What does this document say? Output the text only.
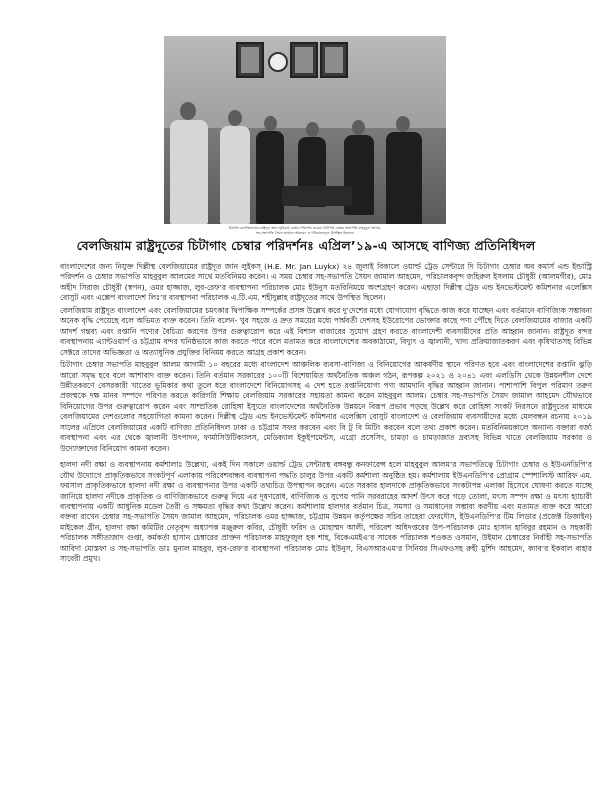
চিট্টাগং বেলজিয়ামের রাষ্ট্রদূত জান লুয়িকস্ চেম্বার পরিদর্শন করেন। চিটাগাং চেম্বার সভাপতি মাহবুবুল আলম,
সহ-সভাপতি সৈয়দ জামাল আহমেদ ও পরিচালকবৃন্দ উপস্থিত ছিলেন।
বেলজিয়াম রাষ্ট্রদূতের চিটাগাং চেম্বার পরিদর্শনঃ এপ্রিল’১৯-এ আসছে বাণিজ্য প্রতিনিধিদল

বাংলাদেশের জন্য নিযুক্ত দিল্লীস্থ বেলজিয়ামের রাষ্ট্রদূত জান লুইকস্ (H.E. Mr. Jan Luykx) ২৪ জুলাই বিকালে ওয়ার্ল্ড ট্রেড সেন্টারে দি চিটাগাং চেম্বার অব কমার্স এন্ড ইন্ডাস্ট্রি পরিদর্শন ও চেম্বার সভাপতি মাহবুবুল আলমের সাথে মতবিনিময় করেন। এ সময় চেম্বার সহ-সভাপতি সৈয়দ জামাল আহমেদ, পরিচালকবৃন্দ জহিরুল ইসলাম চৌধুরী (আলমগীর), মোঃ অহীদ সিরাজ চৌধুরী (স্বপন), ওমর হাজ্জাজ, লুব-রেফ’র ব্যবস্থাপনা পরিচালক মোঃ ইউনুস মতবিনিময়ে অংশগ্রহণ করেন। এছাড়া দিল্লীস্থ ট্রেড এন্ড ইনভেস্টমেন্ট কমিশনার এলেক্সিস বোসুট এবং এক্সেপ বাংলাদেশ লিঃ’র ব্যবস্থাপনা পরিচালক এ.টি.এম. শহীদুল্লাহ রাষ্ট্রদূতের সাথে উপস্থিত ছিলেন।

বেলজিয়াম রাষ্ট্রদূত বাংলাদেশ এবং বেলজিয়ামের চমৎকার দ্বিপাক্ষিক সম্পর্কের প্রসঙ্গ উল্লেখ করে দু’দেশের মধ্যে যোগাযোগ বৃদ্ধিতে কাজ করে যাচ্ছেন এবং বর্তমানে বাণিজ্যিক সম্ভাবনা অনেক বৃদ্ধি পেয়েছে বলে অভিমত ব্যক্ত করেন। তিনি বলেন- খুব সহজে ও দ্রুত সময়ের মধ্যে পার্শ্ববর্তী দেশসহ ইউরোপের ভোক্তার কাছে পণ্য পৌঁছে দিতে বেলজিয়ামের বাজার একটি আদর্শ গন্তব্য এবং রপ্তানি পণ্যের বৈচিত্র্য করণের উপর গুরুত্বারোপ করে এই বিশাল বাজারের সুযোগ গ্রহণ করতে বাংলাদেশী ব্যবসায়ীদের প্রতি আহ্বান জানান। রাষ্ট্রদূত বন্দর ব্যবস্থাপনায় এ্যান্টওয়ার্প ও চট্টগ্রাম বন্দর ঘনিষ্ঠভাবে কাজ করতে পারে বলে মতামত করে বাংলাদেশের অবকাঠামো, বিদ্যুৎ ও জ্বালানী, খাদ্য প্রক্রিয়াজাতকরণ এবং কৃষিখাতসহ বিভিন্ন সেক্টরে তাদের অভিজ্ঞতা ও অত্যাধুনিক প্রযুক্তির বিনিময় করতে আগ্রহ প্রকাশ করেন।

চিটাগাং চেম্বার সভাপতি মাহবুবুল আলম আগামী ১০ বছরের মধ্যে বাংলাদেশ আঞ্চলিক ব্যবসা-বাণিজ্য ও বিনিয়োগের আকর্ষণীয় স্থানে পরিণত হবে এবং বাংলাদেশের রপ্তানি ঝুড়ি আরো সমৃদ্ধ হবে বলে আশাবাদ ব্যক্ত করেন। তিনি বর্তমান সরকারের ১০০টি বিশেষায়িত অর্থনৈতিক অঞ্চল গঠন, রূপকল্প ২০২১ ও ২০৪১ এবং এলডিসি থেকে উন্নয়নশীল দেশে উন্নীতকরণে বেসরকারী খাতের ভূমিকার কথা তুলে ধরে বাংলাদেশে বিনিয়োগসহ এ দেশ হতে রপ্তানিযোগ্য পণ্য আমদানি বৃদ্ধির আহ্বান জানান। পাশাপাশি বিপুল পরিমাণ তরুণ প্রজন্মকে দক্ষ মানব সম্পদে পরিণত করতে কারিগরি শিক্ষায় বেলজিয়াম সরকারের সহায়তা কামনা করেন মাহবুবুল আলম। চেম্বার সহ-সভাপতি সৈয়দ জামাল আহমেদ যৌথভাবে বিনিয়োগের উপর গুরুত্বারোপ করেন এবং সাম্প্রতিক রোহিঙ্গা ইস্যুতে বাংলাদেশের অর্থনৈতিক উন্নয়নে বিরূপ প্রভাব পড়ছে উল্লেখ করে রোহিঙ্গা সংকট নিরসনে রাষ্ট্রদূতের মাধ্যমে বেলজিয়ামের দেশগুলোর সহযোগিতা কামনা করেন। দিল্লীস্থ ট্রেড এন্ড ইনভেস্টমেন্ট কমিশনার এলেক্সিস বোসুট বাংলাদেশ ও বেলজিয়াম ব্যবসায়ীদের মধ্যে মেলবন্ধন রচনায় ২০১৯ সালের এপ্রিলে বেলজিয়ামের একটি বাণিজ্য প্রতিনিধিদল ঢাকা ও চট্টগ্রাম সফর করবেন এবং বি টু বি মিটিং করবেন বলে তথ্য প্রকাশ করেন। মতবিনিময়কালে অন্যান্য বক্তারা বর্জ্য ব্যবস্থাপনা এবং এর থেকে জ্বালানী উৎপাদন, ফার্মাসিউটিক্যালস, মেডিক্যাল ইকুইপমেন্টস, এগ্রো প্রসেসিং, চামড়া ও চামড়াজাত দ্রব্যসহ বিভিন্ন খাতে বেলজিয়াম সরকার ও উদ্যোক্তাদের বিনিয়োগ কামনা করেন।

হালদা নদী রক্ষা ও ব্যবস্থাপনায় কর্মশালাঃ উল্লেখ্য, একই দিন সকালে ওয়ার্ল্ড ট্রেড সেন্টারস্থ বঙ্গবন্ধু কনফারেন্স হলে মাহবুবুল আলম’র সভাপতিত্বে চিটাগাং চেম্বার ও ইউএনডিপি’র যৌথ উদ্যোগে প্রাকৃতিকভাবে সংকটপূর্ণ এলাকায় পরিবেশবান্ধব ব্যবস্থাপনা পদ্ধতি চালুর উপর একটি কর্মশালা অনুষ্ঠিত হয়। কর্মশালায় ইউএনডিপি’র প্রোগ্রাম স্পেশালিস্ট আরিফ এম. ফয়সাল প্রাকৃতিকভাবে হালদা নদী রক্ষা ও ব্যবস্থাপনার উপর একটি তথ্যচিত্র উপস্থাপন করেন। এতে সরকার হালদাকে প্রাকৃতিকভাবে সংকটাপন্ন এলাকা হিসেবে ঘোষণা করতে যাচ্ছে জানিয়ে হালদা নদীকে প্রাকৃতিক ও বাণিজ্যিকভাবে গুরুত্ব দিয়ে এর দূষণরোধ, বাণিজ্যিক ও সুপেয় পানি সরবরাহের আদর্শ উৎস করে গড়ে তোলা, মৎস্য সম্পদ রক্ষা ও মৎস্য হ্যাচারী ব্যবস্থাপনায় একটি আধুনিক মডেল তৈরী ও সক্ষমতা বৃদ্ধির কথা উল্লেখ করেন। কর্মশালায় হালদার বর্তমান চিত্র, সমস্যা ও সমাধানের সম্ভাব্য করণীয় এবং মতামত ব্যক্ত করে আরো বক্তব্য রাখেন চেম্বার সহ-সভাপতি সৈয়দ জামাল আহমেদ, পরিচালক ওমর হাজ্জাজ, চট্টগ্রাম উন্নয়ন কর্তৃপক্ষের সচিব তাহেরা ফেরদৌস, ইউএনডিপি’র টিম লিডার (প্রজেক্ট ডিজাইন) মাইকেল গ্রীন, হালদা রক্ষা কমিটির নেতৃবৃন্দ অধ্যাপক মঞ্জুরুল কবির, চৌধুরী ফরিদ ও মোহাম্মদ আলী, পরিবেশ অধিদপ্তরের উপ-পরিচালক মোঃ হাসান হাবিবুর রহমান ও সহকারী পরিচালক সঙ্গীতাজাদ গুপ্তা, কর্মকর্তা হাসান চেম্বারের প্রাক্তন পরিচালক মাহফুজুল হক শাহ, বিকেএমইএ’র সাবেক পরিচালক শওকত ওসমান, উইমান চেম্বারের নির্বাহী সহ-সভাপতি আবিদা মোস্তফা ও সহ-সভাপতি ডাঃ মুনাল মাহবুব, লুব-রেফ’র ব্যবস্থাপনা পরিচালক মোঃ ইউনুস, বিএসআরএম’র সিনিয়র সিএফওসহ রুহী মুর্শিদ আহমেদ, ক্যাব’র ইকবাল বাহার সাবেরী প্রমুখ।
